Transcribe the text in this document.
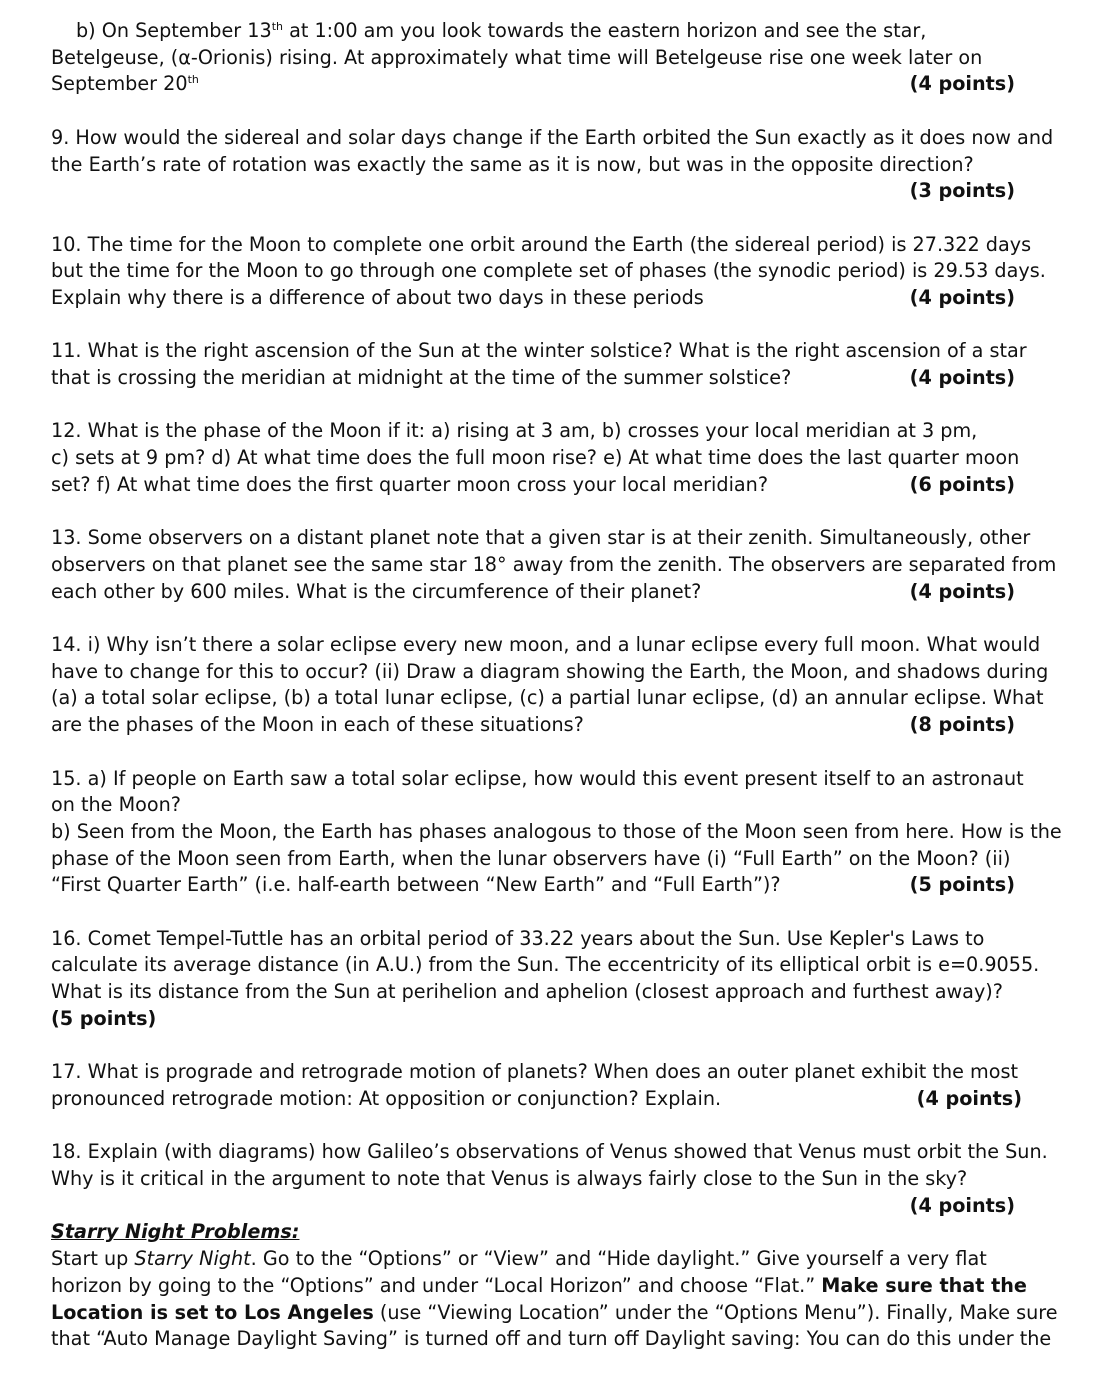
b) On September 13th at 1:00 am you look towards the eastern horizon and see the star,
Betelgeuse, (α-Orionis) rising. At approximately what time will Betelgeuse rise one week later on
September 20th	(4 points)
9. How would the sidereal and solar days change if the Earth orbited the Sun exactly as it does now and
the Earth’s rate of rotation was exactly the same as it is now, but was in the opposite direction?
(3 points)
10. The time for the Moon to complete one orbit around the Earth (the sidereal period) is 27.322 days
but the time for the Moon to go through one complete set of phases (the synodic period) is 29.53 days.
Explain why there is a difference of about two days in these periods	(4 points)
11. What is the right ascension of the Sun at the winter solstice? What is the right ascension of a star
that is crossing the meridian at midnight at the time of the summer solstice?	(4 points)
12. What is the phase of the Moon if it: a) rising at 3 am, b) crosses your local meridian at 3 pm,
c) sets at 9 pm? d) At what time does the full moon rise? e) At what time does the last quarter moon
set? f) At what time does the first quarter moon cross your local meridian?	(6 points)
13. Some observers on a distant planet note that a given star is at their zenith. Simultaneously, other
observers on that planet see the same star 18° away from the zenith. The observers are separated from
each other by 600 miles. What is the circumference of their planet?	(4 points)
14. i) Why isn’t there a solar eclipse every new moon, and a lunar eclipse every full moon. What would
have to change for this to occur? (ii) Draw a diagram showing the Earth, the Moon, and shadows during
(a) a total solar eclipse, (b) a total lunar eclipse, (c) a partial lunar eclipse, (d) an annular eclipse. What
are the phases of the Moon in each of these situations?	(8 points)
15. a) If people on Earth saw a total solar eclipse, how would this event present itself to an astronaut
on the Moon?
b) Seen from the Moon, the Earth has phases analogous to those of the Moon seen from here. How is the
phase of the Moon seen from Earth, when the lunar observers have (i) “Full Earth” on the Moon? (ii)
“First Quarter Earth” (i.e. half-earth between “New Earth” and “Full Earth”)?	(5 points)
16. Comet Tempel-Tuttle has an orbital period of 33.22 years about the Sun. Use Kepler's Laws to
calculate its average distance (in A.U.) from the Sun. The eccentricity of its elliptical orbit is e=0.9055.
What is its distance from the Sun at perihelion and aphelion (closest approach and furthest away)?
(5 points)
17. What is prograde and retrograde motion of planets? When does an outer planet exhibit the most
pronounced retrograde motion: At opposition or conjunction? Explain.	(4 points)
18. Explain (with diagrams) how Galileo’s observations of Venus showed that Venus must orbit the Sun.
Why is it critical in the argument to note that Venus is always fairly close to the Sun in the sky?
(4 points)
Starry Night Problems:
Start up Starry Night. Go to the “Options” or “View” and “Hide daylight.” Give yourself a very flat
horizon by going to the “Options” and under “Local Horizon” and choose “Flat.” Make sure that the
Location is set to Los Angeles (use “Viewing Location” under the “Options Menu”). Finally, Make sure
that “Auto Manage Daylight Saving” is turned off and turn off Daylight saving: You can do this under the
